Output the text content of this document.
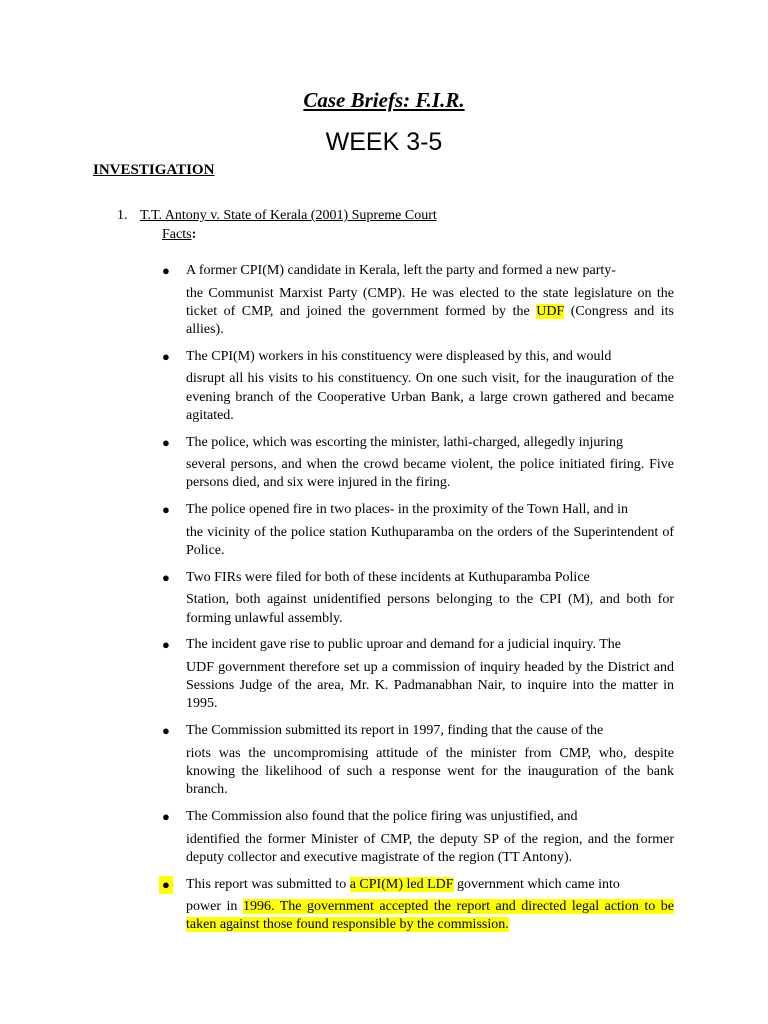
Case Briefs: F.I.R.
WEEK 3-5
INVESTIGATION
1. T.T. Antony v. State of Kerala (2001) Supreme Court
Facts:
● A former CPI(M) candidate in Kerala, left the party and formed a new party-
the Communist Marxist Party (CMP). He was elected to the state legislature on the ticket of CMP, and joined the government formed by the UDF (Congress and its allies).
● The CPI(M) workers in his constituency were displeased by this, and would
disrupt all his visits to his constituency. On one such visit, for the inauguration of the evening branch of the Cooperative Urban Bank, a large crown gathered and became agitated.
● The police, which was escorting the minister, lathi-charged, allegedly injuring
several persons, and when the crowd became violent, the police initiated firing. Five persons died, and six were injured in the firing.
● The police opened fire in two places- in the proximity of the Town Hall, and in
the vicinity of the police station Kuthuparamba on the orders of the Superintendent of Police.
● Two FIRs were filed for both of these incidents at Kuthuparamba Police
Station, both against unidentified persons belonging to the CPI (M), and both for forming unlawful assembly.
● The incident gave rise to public uproar and demand for a judicial inquiry. The
UDF government therefore set up a commission of inquiry headed by the District and Sessions Judge of the area, Mr. K. Padmanabhan Nair, to inquire into the matter in 1995.
● The Commission submitted its report in 1997, finding that the cause of the
riots was the uncompromising attitude of the minister from CMP, who, despite knowing the likelihood of such a response went for the inauguration of the bank branch.
● The Commission also found that the police firing was unjustified, and
identified the former Minister of CMP, the deputy SP of the region, and the former deputy collector and executive magistrate of the region (TT Antony).
● This report was submitted to a CPI(M) led LDF government which came into
power in 1996. The government accepted the report and directed legal action to be taken against those found responsible by the commission.
